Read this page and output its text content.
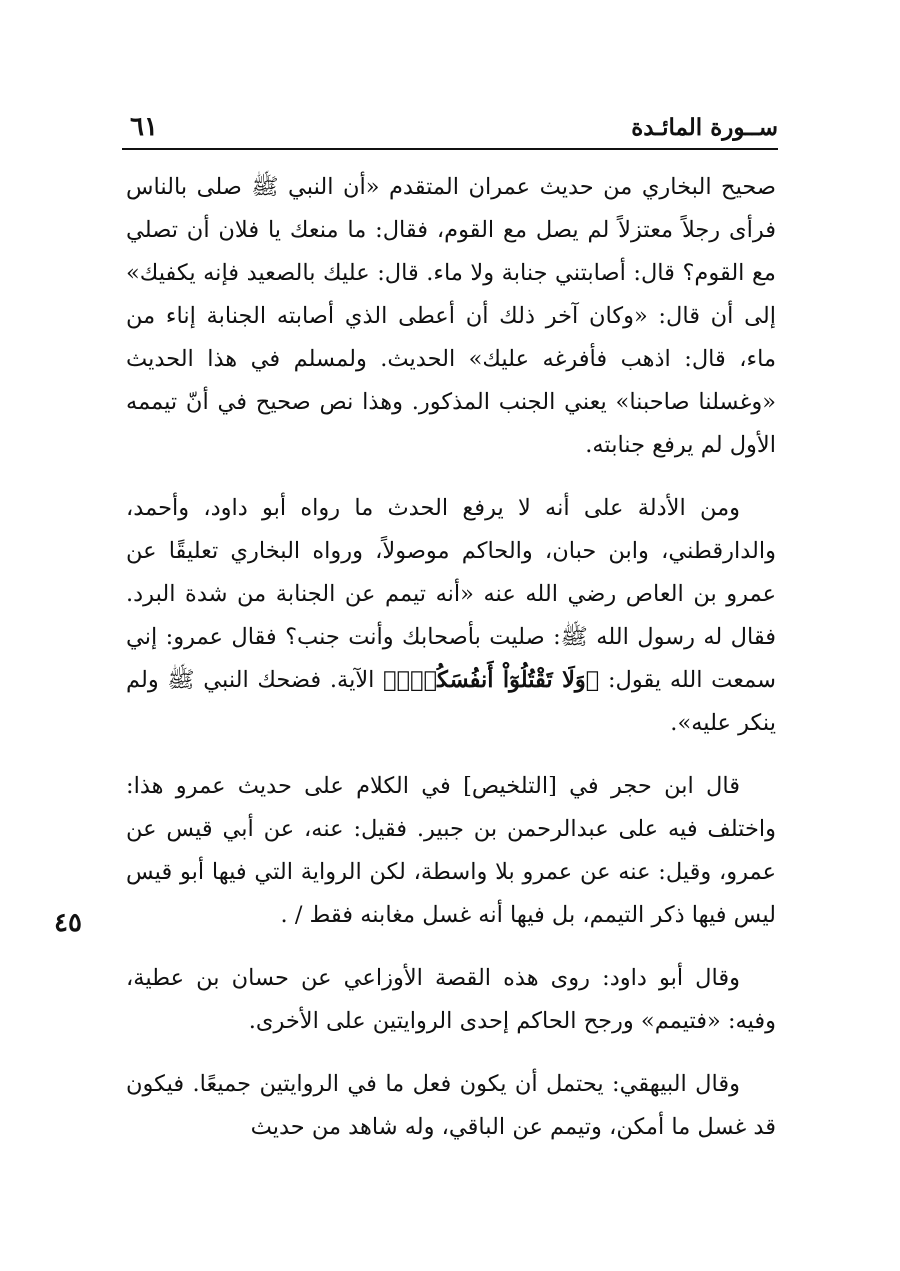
ســورة المائـدة
٦١

صحيح البخاري من حديث عمران المتقدم «أن النبي ﷺ صلى بالناس فرأى رجلاً معتزلاً لم يصل مع القوم، فقال: ما منعك يا فلان أن تصلي مع القوم؟ قال: أصابتني جنابة ولا ماء. قال: عليك بالصعيد فإنه يكفيك» إلى أن قال: «وكان آخر ذلك أن أعطى الذي أصابته الجنابة إناء من ماء، قال: اذهب فأفرغه عليك» الحديث. ولمسلم في هذا الحديث «وغسلنا صاحبنا» يعني الجنب المذكور. وهذا نص صحيح في أنّ تيممه الأول لم يرفع جنابته.

ومن الأدلة على أنه لا يرفع الحدث ما رواه أبو داود، وأحمد، والدارقطني، وابن حبان، والحاكم موصولاً، ورواه البخاري تعليقًا عن عمرو بن العاص رضي الله عنه «أنه تيمم عن الجنابة من شدة البرد. فقال له رسول الله ﷺ: صليت بأصحابك وأنت جنب؟ فقال عمرو: إني سمعت الله يقول: ﴿وَلَا تَقْتُلُوٓاْ أَنفُسَكُمْۚ﴾ الآية. فضحك النبي ﷺ ولم ينكر عليه».

قال ابن حجر في [التلخيص] في الكلام على حديث عمرو هذا: واختلف فيه على عبدالرحمن بن جبير. فقيل: عنه، عن أبي قيس عن عمرو، وقيل: عنه عن عمرو بلا واسطة، لكن الرواية التي فيها أبو قيس ليس فيها ذكر التيمم، بل فيها أنه غسل مغابنه فقط / .

وقال أبو داود: روى هذه القصة الأوزاعي عن حسان بن عطية، وفيه: «فتيمم» ورجح الحاكم إحدى الروايتين على الأخرى.

وقال البيهقي: يحتمل أن يكون فعل ما في الروايتين جميعًا. فيكون قد غسل ما أمكن، وتيمم عن الباقي، وله شاهد من حديث

٤٥
